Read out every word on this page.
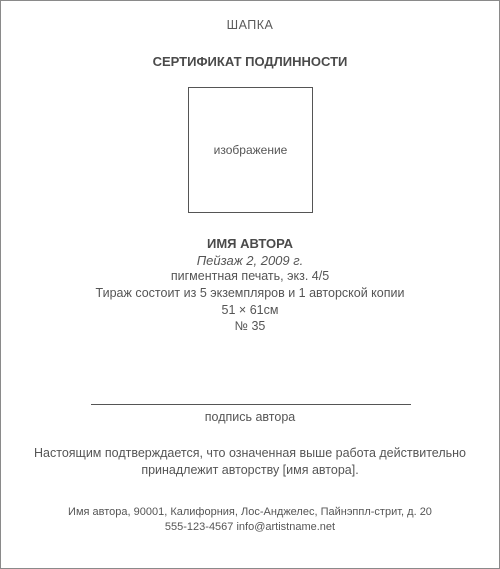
ШАПКА
СЕРТИФИКАТ ПОДЛИННОСТИ
изображение
ИМЯ АВТОРА
Пейзаж 2, 2009 г.
пигментная печать, экз. 4/5
Тираж состоит из 5 экземпляров и 1 авторской копии
51 × 61см
№ 35
подпись автора
Настоящим подтверждается, что означенная выше работа действительно
принадлежит авторству [имя автора].
Имя автора, 90001, Калифорния, Лос-Анджелес, Пайнэппл-стрит, д. 20
555-123-4567 info@artistname.net
